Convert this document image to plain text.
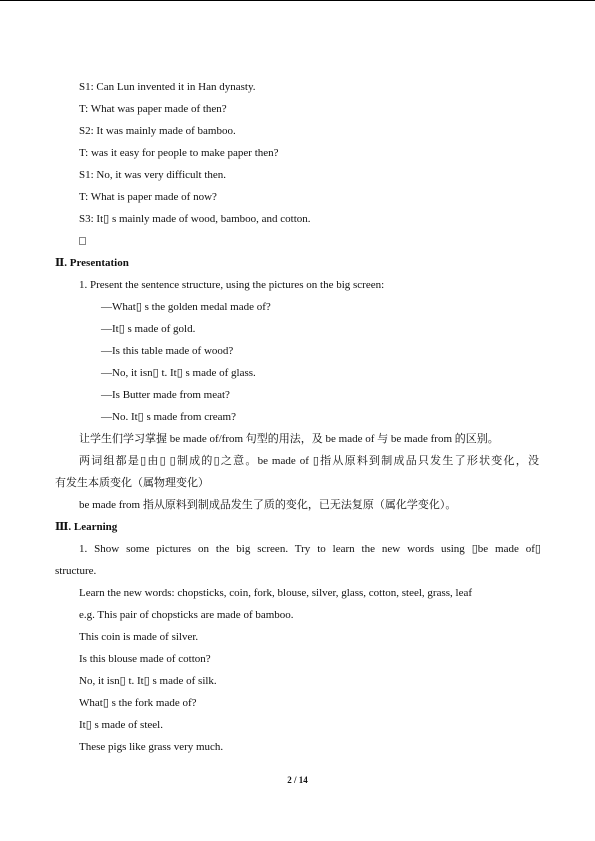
S1: Can Lun invented it in Han dynasty.
T: What was paper made of then?
S2: It was mainly made of bamboo.
T: was it easy for people to make paper then?
S1: No, it was very difficult then.
T: What is paper made of now?
S3: It▯ s mainly made of wood, bamboo, and cotton.
Ⅱ. Presentation
1. Present the sentence structure, using the pictures on the big screen:
—What▯ s the golden medal made of?
—It▯ s made of gold.
—Is this table made of wood?
—No, it isn▯ t. It▯ s made of glass.
—Is Butter made from meat?
—No. It▯ s made from cream?
让学生们学习掌握 be made of/from 句型的用法，及 be made of 与 be made from 的区别。
两词组都是▯由▯ ▯制成的▯之意。be made of ▯指从原料到制成品只发生了形状变化，没
有发生本质变化（属物理变化）
be made from 指从原料到制成品发生了质的变化，已无法复原（属化学变化）。
Ⅲ. Learning
1. Show some pictures on the big screen. Try to learn the new words using ▯be made of▯
structure.
Learn the new words: chopsticks, coin, fork, blouse, silver, glass, cotton, steel, grass, leaf
e.g. This pair of chopsticks are made of bamboo.
This coin is made of silver.
Is this blouse made of cotton?
No, it isn▯ t. It▯ s made of silk.
What▯ s the fork made of?
It▯ s made of steel.
These pigs like grass very much.
2 / 14
